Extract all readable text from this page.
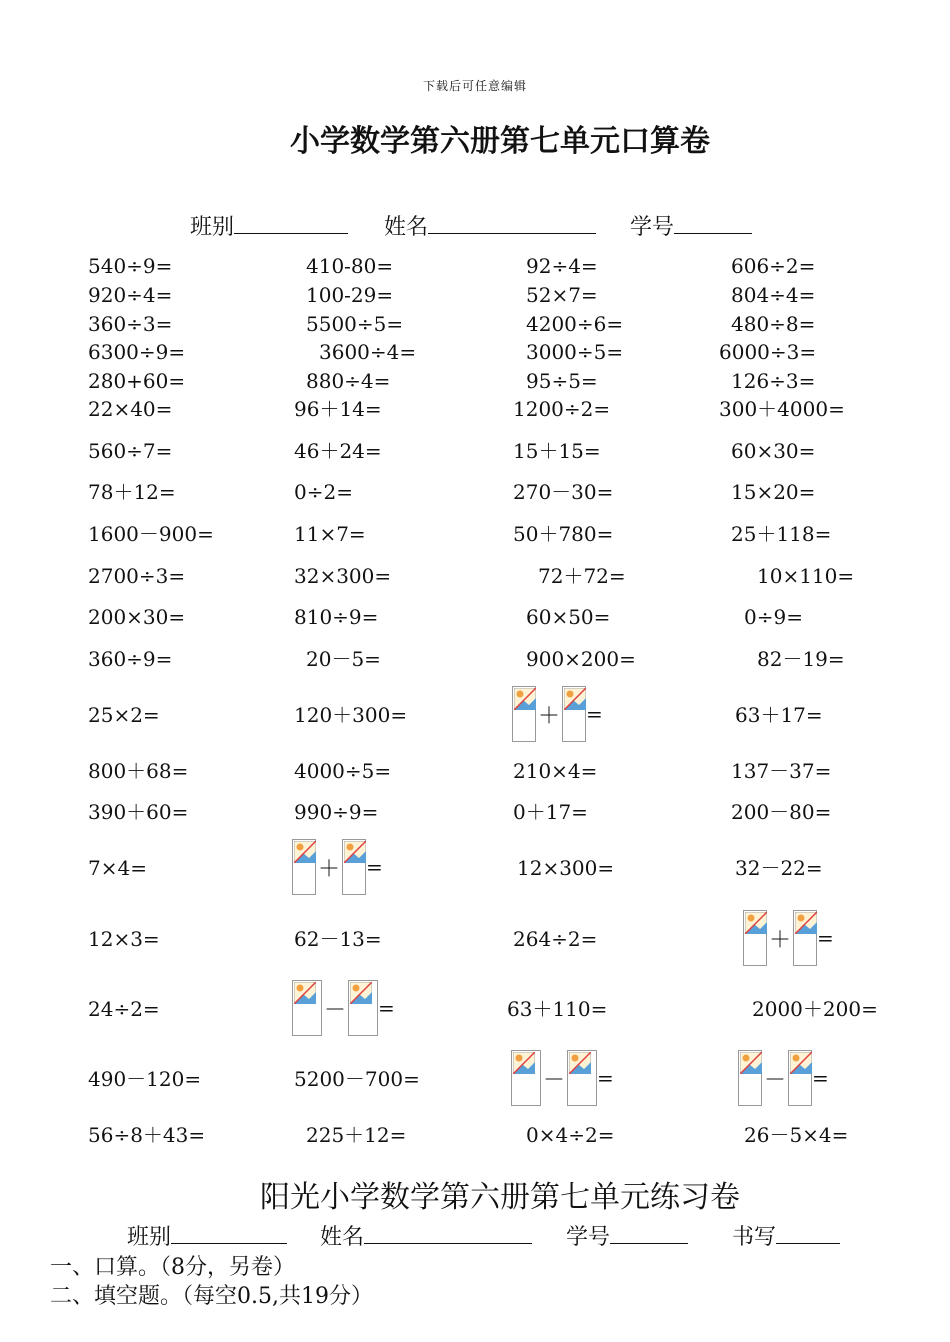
下载后可任意编辑
小学数学第六册第七单元口算卷
班别	姓名	学号
540÷9=	410-80=	92÷4=	606÷2=
920÷4=	100-29=	52×7=	804÷4=
360÷3=	5500÷5=	4200÷6=	480÷8=
6300÷9=	3600÷4=	3000÷5=	6000÷3=
280+60=	880÷4=	95÷5=	126÷3=
22×40=	96＋14=	1200÷2=	300＋4000=
560÷7=	46＋24=	15＋15=	60×30=
78＋12=	0÷2=	270－30=	15×20=
1600－900=	11×7=	50＋780=	25＋118=
2700÷3=	32×300=	72＋72=	10×110=
200×30=	810÷9=	60×50=	0÷9=
360÷9=	20－5=	900×200=	82－19=
25×2=	120＋300=	＋ =	63＋17=
800＋68=	4000÷5=	210×4=	137－37=
390＋60=	990÷9=	0＋17=	200－80=
7×4=	＋ =	12×300=	32－22=
12×3=	62－13=	264÷2=	＋ =
24÷2=	－ =	63＋110=	2000＋200=
490－120=	5200－700=	－ =	－ =
56÷8＋43=	225＋12=	0×4÷2=	26－5×4=
阳光小学数学第六册第七单元练习卷
班别	姓名	学号	书写
一、口算。（8分，另卷）
二、填空题。（每空0.5,共19分）
